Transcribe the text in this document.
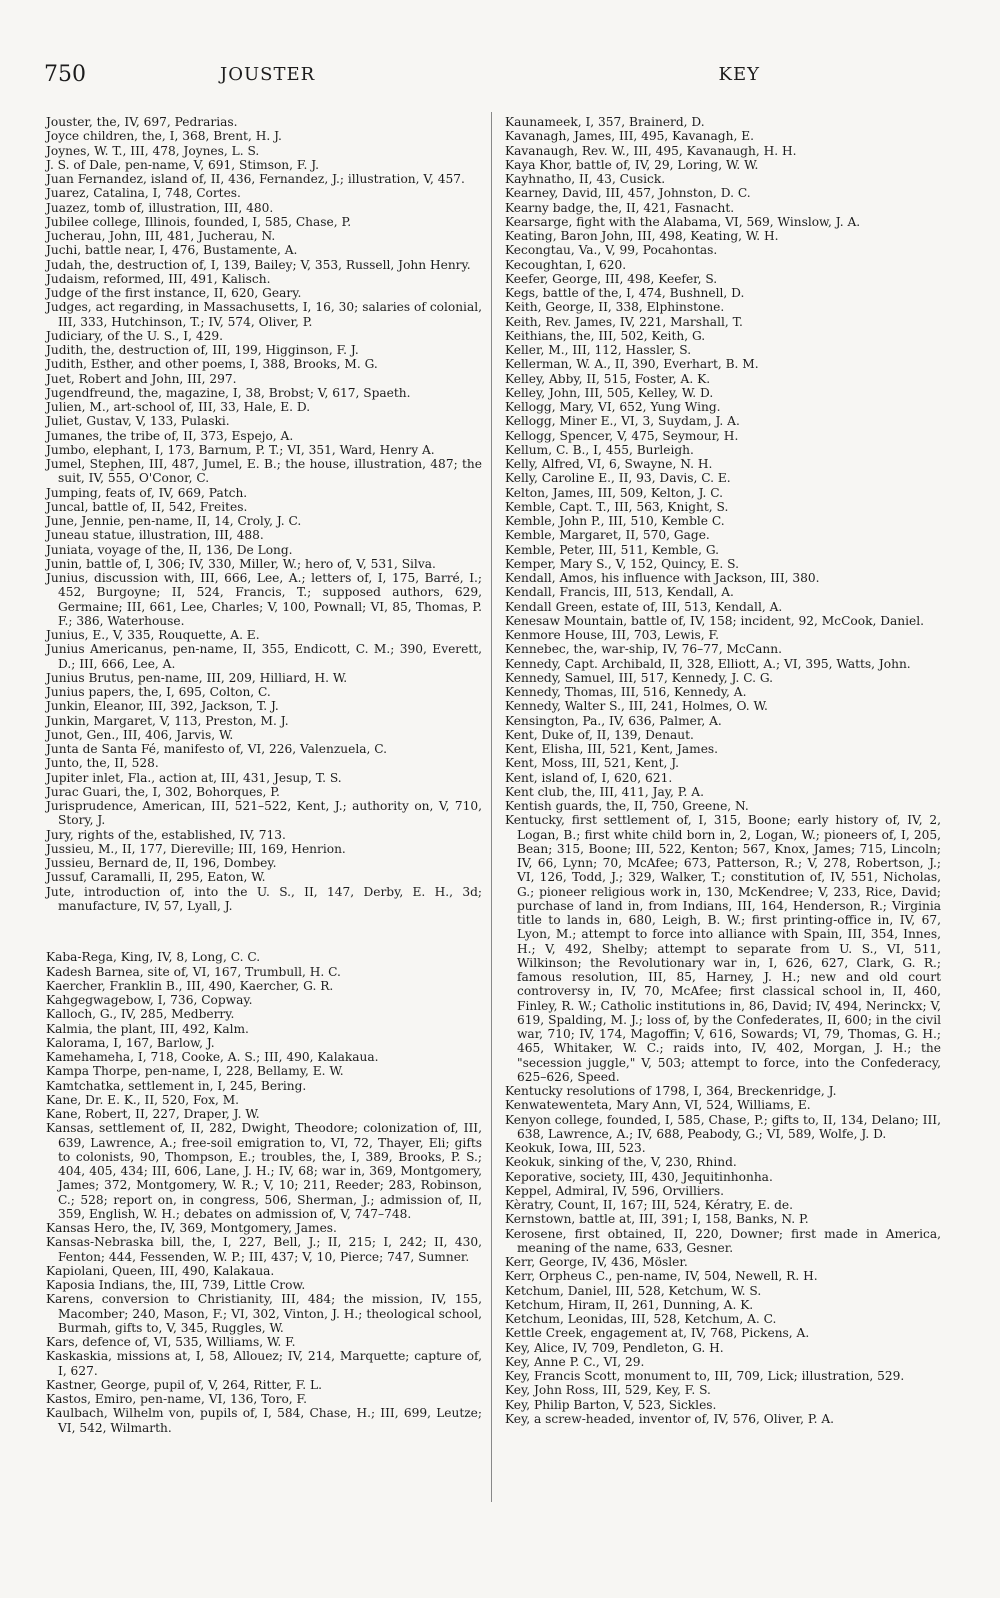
750	JOUSTER	KEY

Jouster, the, IV, 697, Pedrarias.

Joyce children, the, I, 368, Brent, H. J.

Joynes, W. T., III, 478, Joynes, L. S.

J. S. of Dale, pen-name, V, 691, Stimson, F. J.

Juan Fernandez, island of, II, 436, Fernandez, J.; illustration, V, 457.

Juarez, Catalina, I, 748, Cortes.

Juazez, tomb of, illustration, III, 480.

Jubilee college, Illinois, founded, I, 585, Chase, P.

Jucherau, John, III, 481, Jucherau, N.

Juchi, battle near, I, 476, Bustamente, A.

Judah, the, destruction of, I, 139, Bailey; V, 353, Russell, John Henry.

Judaism, reformed, III, 491, Kalisch.

Judge of the first instance, II, 620, Geary.

Judges, act regarding, in Massachusetts, I, 16, 30; salaries of colonial, III, 333, Hutchinson, T.; IV, 574, Oliver, P.

Judiciary, of the U. S., I, 429.

Judith, the, destruction of, III, 199, Higginson, F. J.

Judith, Esther, and other poems, I, 388, Brooks, M. G.

Juet, Robert and John, III, 297.

Jugendfreund, the, magazine, I, 38, Brobst; V, 617, Spaeth.

Julien, M., art-school of, III, 33, Hale, E. D.

Juliet, Gustav, V, 133, Pulaski.

Jumanes, the tribe of, II, 373, Espejo, A.

Jumbo, elephant, I, 173, Barnum, P. T.; VI, 351, Ward, Henry A.

Jumel, Stephen, III, 487, Jumel, E. B.; the house, illustration, 487; the suit, IV, 555, O'Conor, C.

Jumping, feats of, IV, 669, Patch.

Juncal, battle of, II, 542, Freites.

June, Jennie, pen-name, II, 14, Croly, J. C.

Juneau statue, illustration, III, 488.

Juniata, voyage of the, II, 136, De Long.

Junin, battle of, I, 306; IV, 330, Miller, W.; hero of, V, 531, Silva.

Junius, discussion with, III, 666, Lee, A.; letters of, I, 175, Barré, I.; 452, Burgoyne; II, 524, Francis, T.; supposed authors, 629, Germaine; III, 661, Lee, Charles; V, 100, Pownall; VI, 85, Thomas, P. F.; 386, Waterhouse.

Junius, E., V, 335, Rouquette, A. E.

Junius Americanus, pen-name, II, 355, Endicott, C. M.; 390, Everett, D.; III, 666, Lee, A.

Junius Brutus, pen-name, III, 209, Hilliard, H. W.

Junius papers, the, I, 695, Colton, C.

Junkin, Eleanor, III, 392, Jackson, T. J.

Junkin, Margaret, V, 113, Preston, M. J.

Junot, Gen., III, 406, Jarvis, W.

Junta de Santa Fé, manifesto of, VI, 226, Valenzuela, C.

Junto, the, II, 528.

Jupiter inlet, Fla., action at, III, 431, Jesup, T. S.

Jurac Guari, the, I, 302, Bohorques, P.

Jurisprudence, American, III, 521–522, Kent, J.; authority on, V, 710, Story, J.

Jury, rights of the, established, IV, 713.

Jussieu, M., II, 177, Diereville; III, 169, Henrion.

Jussieu, Bernard de, II, 196, Dombey.

Jussuf, Caramalli, II, 295, Eaton, W.

Jute, introduction of, into the U. S., II, 147, Derby, E. H., 3d; manufacture, IV, 57, Lyall, J.

Kaba-Rega, King, IV, 8, Long, C. C.

Kadesh Barnea, site of, VI, 167, Trumbull, H. C.

Kaercher, Franklin B., III, 490, Kaercher, G. R.

Kahgegwagebow, I, 736, Copway.

Kalloch, G., IV, 285, Medberry.

Kalmia, the plant, III, 492, Kalm.

Kalorama, I, 167, Barlow, J.

Kamehameha, I, 718, Cooke, A. S.; III, 490, Kalakaua.

Kampa Thorpe, pen-name, I, 228, Bellamy, E. W.

Kamtchatka, settlement in, I, 245, Bering.

Kane, Dr. E. K., II, 520, Fox, M.

Kane, Robert, II, 227, Draper, J. W.

Kansas, settlement of, II, 282, Dwight, Theodore; colonization of, III, 639, Lawrence, A.; free-soil emigration to, VI, 72, Thayer, Eli; gifts to colonists, 90, Thompson, E.; troubles, the, I, 389, Brooks, P. S.; 404, 405, 434; III, 606, Lane, J. H.; IV, 68; war in, 369, Montgomery, James; 372, Montgomery, W. R.; V, 10; 211, Reeder; 283, Robinson, C.; 528; report on, in congress, 506, Sherman, J.; admission of, II, 359, English, W. H.; debates on admission of, V, 747–748.

Kansas Hero, the, IV, 369, Montgomery, James.

Kansas-Nebraska bill, the, I, 227, Bell, J.; II, 215; I, 242; II, 430, Fenton; 444, Fessenden, W. P.; III, 437; V, 10, Pierce; 747, Sumner.

Kapiolani, Queen, III, 490, Kalakaua.

Kaposia Indians, the, III, 739, Little Crow.

Karens, conversion to Christianity, III, 484; the mission, IV, 155, Macomber; 240, Mason, F.; VI, 302, Vinton, J. H.; theological school, Burmah, gifts to, V, 345, Ruggles, W.

Kars, defence of, VI, 535, Williams, W. F.

Kaskaskia, missions at, I, 58, Allouez; IV, 214, Marquette; capture of, I, 627.

Kastner, George, pupil of, V, 264, Ritter, F. L.

Kastos, Emiro, pen-name, VI, 136, Toro, F.

Kaulbach, Wilhelm von, pupils of, I, 584, Chase, H.; III, 699, Leutze; VI, 542, Wilmarth.

Kaunameek, I, 357, Brainerd, D.

Kavanagh, James, III, 495, Kavanagh, E.

Kavanaugh, Rev. W., III, 495, Kavanaugh, H. H.

Kaya Khor, battle of, IV, 29, Loring, W. W.

Kayhnatho, II, 43, Cusick.

Kearney, David, III, 457, Johnston, D. C.

Kearny badge, the, II, 421, Fasnacht.

Kearsarge, fight with the Alabama, VI, 569, Winslow, J. A.

Keating, Baron John, III, 498, Keating, W. H.

Kecongtau, Va., V, 99, Pocahontas.

Kecoughtan, I, 620.

Keefer, George, III, 498, Keefer, S.

Kegs, battle of the, I, 474, Bushnell, D.

Keith, George, II, 338, Elphinstone.

Keith, Rev. James, IV, 221, Marshall, T.

Keithians, the, III, 502, Keith, G.

Keller, M., III, 112, Hassler, S.

Kellerman, W. A., II, 390, Everhart, B. M.

Kelley, Abby, II, 515, Foster, A. K.

Kelley, John, III, 505, Kelley, W. D.

Kellogg, Mary, VI, 652, Yung Wing.

Kellogg, Miner E., VI, 3, Suydam, J. A.

Kellogg, Spencer, V, 475, Seymour, H.

Kellum, C. B., I, 455, Burleigh.

Kelly, Alfred, VI, 6, Swayne, N. H.

Kelly, Caroline E., II, 93, Davis, C. E.

Kelton, James, III, 509, Kelton, J. C.

Kemble, Capt. T., III, 563, Knight, S.

Kemble, John P., III, 510, Kemble C.

Kemble, Margaret, II, 570, Gage.

Kemble, Peter, III, 511, Kemble, G.

Kemper, Mary S., V, 152, Quincy, E. S.

Kendall, Amos, his influence with Jackson, III, 380.

Kendall, Francis, III, 513, Kendall, A.

Kendall Green, estate of, III, 513, Kendall, A.

Kenesaw Mountain, battle of, IV, 158; incident, 92, McCook, Daniel.

Kenmore House, III, 703, Lewis, F.

Kennebec, the, war-ship, IV, 76–77, McCann.

Kennedy, Capt. Archibald, II, 328, Elliott, A.; VI, 395, Watts, John.

Kennedy, Samuel, III, 517, Kennedy, J. C. G.

Kennedy, Thomas, III, 516, Kennedy, A.

Kennedy, Walter S., III, 241, Holmes, O. W.

Kensington, Pa., IV, 636, Palmer, A.

Kent, Duke of, II, 139, Denaut.

Kent, Elisha, III, 521, Kent, James.

Kent, Moss, III, 521, Kent, J.

Kent, island of, I, 620, 621.

Kent club, the, III, 411, Jay, P. A.

Kentish guards, the, II, 750, Greene, N.

Kentucky, first settlement of, I, 315, Boone; early history of, IV, 2, Logan, B.; first white child born in, 2, Logan, W.; pioneers of, I, 205, Bean; 315, Boone; III, 522, Kenton; 567, Knox, James; 715, Lincoln; IV, 66, Lynn; 70, McAfee; 673, Patterson, R.; V, 278, Robertson, J.; VI, 126, Todd, J.; 329, Walker, T.; constitution of, IV, 551, Nicholas, G.; pioneer religious work in, 130, McKendree; V, 233, Rice, David; purchase of land in, from Indians, III, 164, Henderson, R.; Virginia title to lands in, 680, Leigh, B. W.; first printing-office in, IV, 67, Lyon, M.; attempt to force into alliance with Spain, III, 354, Innes, H.; V, 492, Shelby; attempt to separate from U. S., VI, 511, Wilkinson; the Revolutionary war in, I, 626, 627, Clark, G. R.; famous resolution, III, 85, Harney, J. H.; new and old court controversy in, IV, 70, McAfee; first classical school in, II, 460, Finley, R. W.; Catholic institutions in, 86, David; IV, 494, Nerinckx; V, 619, Spalding, M. J.; loss of, by the Confederates, II, 600; in the civil war, 710; IV, 174, Magoffin; V, 616, Sowards; VI, 79, Thomas, G. H.; 465, Whitaker, W. C.; raids into, IV, 402, Morgan, J. H.; the "secession juggle," V, 503; attempt to force, into the Confederacy, 625–626, Speed.

Kentucky resolutions of 1798, I, 364, Breckenridge, J.

Kenwatewenteta, Mary Ann, VI, 524, Williams, E.

Kenyon college, founded, I, 585, Chase, P.; gifts to, II, 134, Delano; III, 638, Lawrence, A.; IV, 688, Peabody, G.; VI, 589, Wolfe, J. D.

Keokuk, Iowa, III, 523.

Keokuk, sinking of the, V, 230, Rhind.

Keporative, society, III, 430, Jequitinhonha.

Keppel, Admiral, IV, 596, Orvilliers.

Kèratry, Count, II, 167; III, 524, Kératry, E. de.

Kernstown, battle at, III, 391; I, 158, Banks, N. P.

Kerosene, first obtained, II, 220, Downer; first made in America, meaning of the name, 633, Gesner.

Kerr, George, IV, 436, Mösler.

Kerr, Orpheus C., pen-name, IV, 504, Newell, R. H.

Ketchum, Daniel, III, 528, Ketchum, W. S.

Ketchum, Hiram, II, 261, Dunning, A. K.

Ketchum, Leonidas, III, 528, Ketchum, A. C.

Kettle Creek, engagement at, IV, 768, Pickens, A.

Key, Alice, IV, 709, Pendleton, G. H.

Key, Anne P. C., VI, 29.

Key, Francis Scott, monument to, III, 709, Lick; illustration, 529.

Key, John Ross, III, 529, Key, F. S.

Key, Philip Barton, V, 523, Sickles.

Key, a screw-headed, inventor of, IV, 576, Oliver, P. A.
